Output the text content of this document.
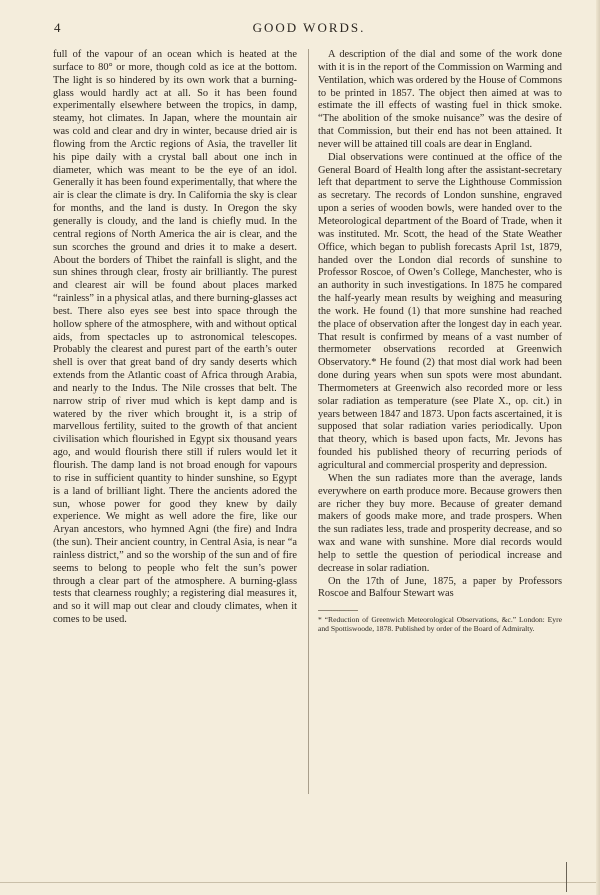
4	GOOD WORDS.

full of the vapour of an ocean which is heated at the surface to 80° or more, though cold as ice at the bottom. The light is so hindered by its own work that a burning-glass would hardly act at all. So it has been found experimentally elsewhere between the tropics, in damp, steamy, hot climates. In Japan, where the mountain air was cold and clear and dry in winter, because dried air is flowing from the Arctic regions of Asia, the traveller lit his pipe daily with a crystal ball about one inch in diameter, which was meant to be the eye of an idol. Generally it has been found experimentally, that where the air is clear the climate is dry. In California the sky is clear for months, and the land is dusty. In Oregon the sky generally is cloudy, and the land is chiefly mud. In the central regions of North America the air is clear, and the sun scorches the ground and dries it to make a desert. About the borders of Thibet the rainfall is slight, and the sun shines through clear, frosty air brilliantly. The purest and clearest air will be found about places marked “rainless” in a physical atlas, and there burning-glasses act best. There also eyes see best into space through the hollow sphere of the atmosphere, with and without optical aids, from spectacles up to astronomical telescopes. Probably the clearest and purest part of the earth’s outer shell is over that great band of dry sandy deserts which extends from the Atlantic coast of Africa through Arabia, and nearly to the Indus. The Nile crosses that belt. The narrow strip of river mud which is kept damp and is watered by the river which brought it, is a strip of marvellous fertility, suited to the growth of that ancient civilisation which flourished in Egypt six thousand years ago, and would flourish there still if rulers would let it flourish. The damp land is not broad enough for vapours to rise in sufficient quantity to hinder sunshine, so Egypt is a land of brilliant light. There the ancients adored the sun, whose power for good they knew by daily experience. We might as well adore the fire, like our Aryan ancestors, who hymned Agni (the fire) and Indra (the sun). Their ancient country, in Central Asia, is near “a rainless district,” and so the worship of the sun and of fire seems to belong to people who felt the sun’s power through a clear part of the atmosphere. A burning-glass tests that clearness roughly; a registering dial measures it, and so it will map out clear and cloudy climates, when it comes to be used.

A description of the dial and some of the work done with it is in the report of the Commission on Warming and Ventilation, which was ordered by the House of Commons to be printed in 1857. The object then aimed at was to estimate the ill effects of wasting fuel in thick smoke. “The abolition of the smoke nuisance” was the desire of that Commission, but their end has not been attained. It never will be attained till coals are dear in England.

Dial observations were continued at the office of the General Board of Health long after the assistant-secretary left that department to serve the Lighthouse Commission as secretary. The records of London sunshine, engraved upon a series of wooden bowls, were handed over to the Meteorological department of the Board of Trade, when it was instituted. Mr. Scott, the head of the State Weather Office, which began to publish forecasts April 1st, 1879, handed over the London dial records of sunshine to Professor Roscoe, of Owen’s College, Manchester, who is an authority in such investigations. In 1875 he compared the half-yearly mean results by weighing and measuring the work. He found (1) that more sunshine had reached the place of observation after the longest day in each year. That result is confirmed by means of a vast number of thermometer observations recorded at Greenwich Observatory.* He found (2) that most dial work had been done during years when sun spots were most abundant. Thermometers at Greenwich also recorded more or less solar radiation as temperature (see Plate X., op. cit.) in years between 1847 and 1873. Upon facts ascertained, it is supposed that solar radiation varies periodically. Upon that theory, which is based upon facts, Mr. Jevons has founded his published theory of recurring periods of agricultural and commercial prosperity and depression.

When the sun radiates more than the average, lands everywhere on earth produce more. Because growers then are richer they buy more. Because of greater demand makers of goods make more, and trade prospers. When the sun radiates less, trade and prosperity decrease, and so wax and wane with sunshine. More dial records would help to settle the question of periodical increase and decrease in solar radiation.

On the 17th of June, 1875, a paper by Professors Roscoe and Balfour Stewart was

* “Reduction of Greenwich Meteorological Observations, &c.” London: Eyre and Spottiswoode, 1878. Published by order of the Board of Admiralty.
